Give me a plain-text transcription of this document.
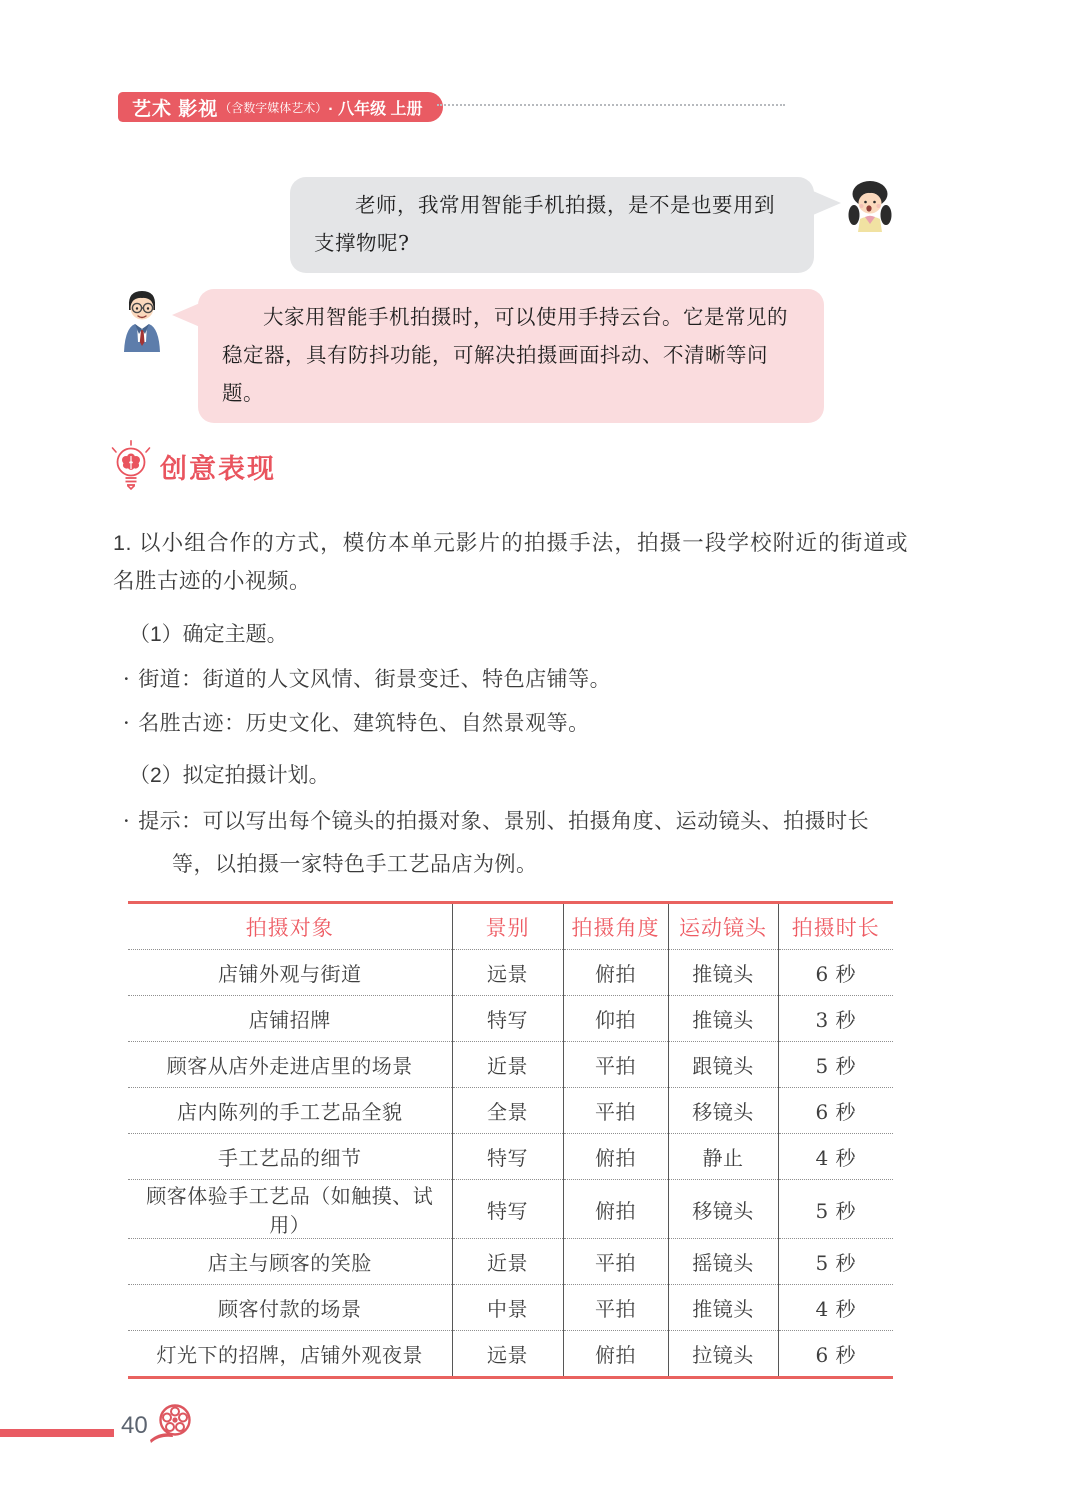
艺术 影视 （含数字媒体艺术） · 八年级 上册
老师，我常用智能手机拍摄，是不是也要用到支撑物呢?
大家用智能手机拍摄时，可以使用手持云台。它是常见的稳定器，具有防抖功能，可解决拍摄画面抖动、不清晰等问题。
创意表现

1. 以小组合作的方式，模仿本单元影片的拍摄手法，拍摄一段学校附近的街道或名胜古迹的小视频。

（1）确定主题。

· 街道：街道的人文风情、街景变迁、特色店铺等。

· 名胜古迹：历史文化、建筑特色、自然景观等。

（2）拟定拍摄计划。

· 提示：可以写出每个镜头的拍摄对象、景别、拍摄角度、运动镜头、拍摄时长等，以拍摄一家特色手工艺品店为例。

拍摄对象	景别	拍摄角度	运动镜头	拍摄时长
店铺外观与街道	远景	俯拍	推镜头	6 秒
店铺招牌	特写	仰拍	推镜头	3 秒
顾客从店外走进店里的场景	近景	平拍	跟镜头	5 秒
店内陈列的手工艺品全貌	全景	平拍	移镜头	6 秒
手工艺品的细节	特写	俯拍	静止	4 秒
顾客体验手工艺品（如触摸、试用）	特写	俯拍	移镜头	5 秒
店主与顾客的笑脸	近景	平拍	摇镜头	5 秒
顾客付款的场景	中景	平拍	推镜头	4 秒
灯光下的招牌，店铺外观夜景	远景	俯拍	拉镜头	6 秒
40
